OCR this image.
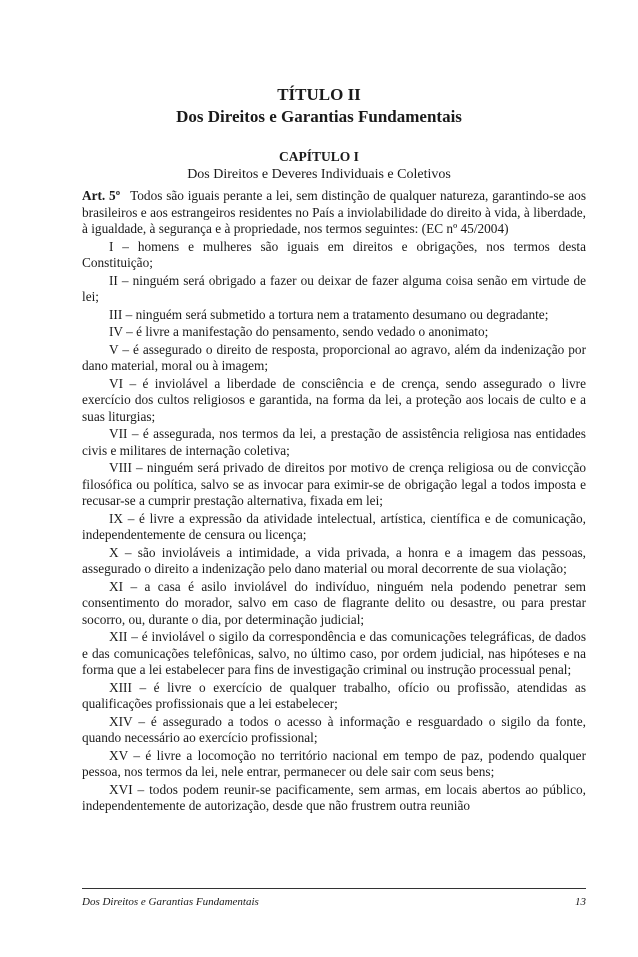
TÍTULO II
Dos Direitos e Garantias Fundamentais
CAPÍTULO I
Dos Direitos e Deveres Individuais e Coletivos

Art. 5º Todos são iguais perante a lei, sem distinção de qualquer natureza, garantindo-se aos brasileiros e aos estrangeiros residentes no País a inviolabilidade do direito à vida, à liberdade, à igualdade, à segurança e à propriedade, nos termos seguintes: (EC nº 45/2004)

I – homens e mulheres são iguais em direitos e obrigações, nos termos desta Constituição;

II – ninguém será obrigado a fazer ou deixar de fazer alguma coisa senão em virtude de lei;

III – ninguém será submetido a tortura nem a tratamento desumano ou degradante;

IV – é livre a manifestação do pensamento, sendo vedado o anonimato;

V – é assegurado o direito de resposta, proporcional ao agravo, além da indenização por dano material, moral ou à imagem;

VI – é inviolável a liberdade de consciência e de crença, sendo assegurado o livre exercício dos cultos religiosos e garantida, na forma da lei, a proteção aos locais de culto e a suas liturgias;

VII – é assegurada, nos termos da lei, a prestação de assistência religiosa nas entidades civis e militares de internação coletiva;

VIII – ninguém será privado de direitos por motivo de crença religiosa ou de convicção filosófica ou política, salvo se as invocar para eximir-se de obrigação legal a todos imposta e recusar-se a cumprir prestação alternativa, fixada em lei;

IX – é livre a expressão da atividade intelectual, artística, científica e de comunicação, independentemente de censura ou licença;

X – são invioláveis a intimidade, a vida privada, a honra e a imagem das pessoas, assegurado o direito a indenização pelo dano material ou moral decorrente de sua violação;

XI – a casa é asilo inviolável do indivíduo, ninguém nela podendo penetrar sem consentimento do morador, salvo em caso de flagrante delito ou desastre, ou para prestar socorro, ou, durante o dia, por determinação judicial;

XII – é inviolável o sigilo da correspondência e das comunicações telegráficas, de dados e das comunicações telefônicas, salvo, no último caso, por ordem judicial, nas hipóteses e na forma que a lei estabelecer para fins de investigação criminal ou instrução processual penal;

XIII – é livre o exercício de qualquer trabalho, ofício ou profissão, atendidas as qualificações profissionais que a lei estabelecer;

XIV – é assegurado a todos o acesso à informação e resguardado o sigilo da fonte, quando necessário ao exercício profissional;

XV – é livre a locomoção no território nacional em tempo de paz, podendo qualquer pessoa, nos termos da lei, nele entrar, permanecer ou dele sair com seus bens;

XVI – todos podem reunir-se pacificamente, sem armas, em locais abertos ao público, independentemente de autorização, desde que não frustrem outra reunião

Dos Direitos e Garantias Fundamentais	13
